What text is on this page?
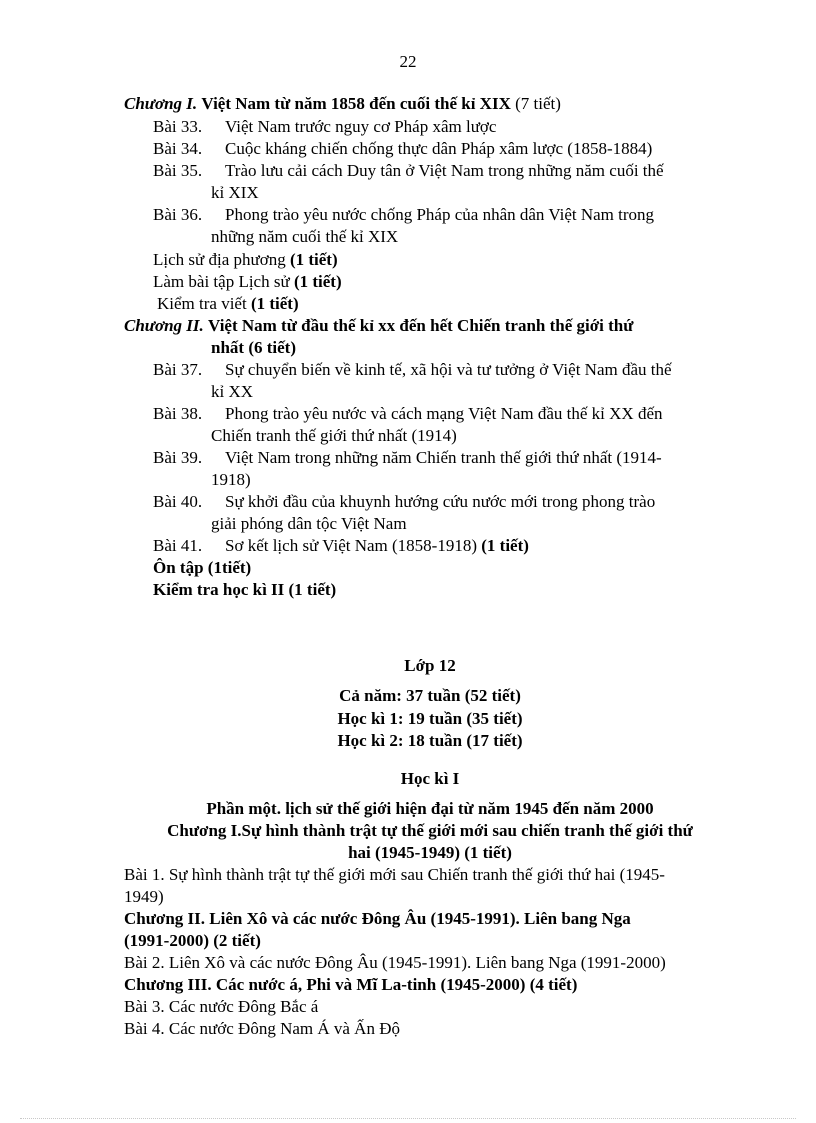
22
Chương I. Việt Nam từ năm 1858 đến cuối thế kỉ XIX (7 tiết)
Bài 33. Việt Nam trước nguy cơ Pháp xâm lược
Bài 34. Cuộc kháng chiến chống thực dân Pháp xâm lược (1858-1884)
Bài 35. Trào lưu cải cách Duy tân ở Việt Nam trong những năm cuối thế
kỉ XIX
Bài 36. Phong trào yêu nước chống Pháp của nhân dân Việt Nam trong
những năm cuối thế kỉ XIX
Lịch sử địa phương (1 tiết)
Làm bài tập Lịch sử (1 tiết)
Kiểm tra viết (1 tiết)
Chương II. Việt Nam từ đầu thế kỉ xx đến hết Chiến tranh thế giới thứ
nhất (6 tiết)
Bài 37. Sự chuyển biến về kinh tế, xã hội và tư tưởng ở Việt Nam đầu thế
kỉ XX
Bài 38. Phong trào yêu nước và cách mạng Việt Nam đầu thế kỉ XX đến
Chiến tranh thế giới thứ nhất (1914)
Bài 39. Việt Nam trong những năm Chiến tranh thế giới thứ nhất (1914-
1918)
Bài 40. Sự khởi đầu của khuynh hướng cứu nước mới trong phong trào
giải phóng dân tộc Việt Nam
Bài 41. Sơ kết lịch sử Việt Nam (1858-1918) (1 tiết)
Ôn tập (1tiết)
Kiểm tra học kì II (1 tiết)
Lớp 12
Cả năm: 37 tuần (52 tiết)
Học kì 1: 19 tuần (35 tiết)
Học kì 2: 18 tuần (17 tiết)
Học kì I
Phần một. lịch sử thế giới hiện đại từ năm 1945 đến năm 2000
Chương I.Sự hình thành trật tự thế giới mới sau chiến tranh thế giới thứ
hai (1945-1949) (1 tiết)
Bài 1. Sự hình thành trật tự thế giới mới sau Chiến tranh thế giới thứ hai (1945-
1949)
Chương II. Liên Xô và các nước Đông Âu (1945-1991). Liên bang Nga
(1991-2000) (2 tiết)
Bài 2. Liên Xô và các nước Đông Âu (1945-1991). Liên bang Nga (1991-2000)
Chương III. Các nước á, Phi và Mĩ La-tinh (1945-2000) (4 tiết)
Bài 3. Các nước Đông Bắc á
Bài 4. Các nước Đông Nam Á và Ấn Độ
